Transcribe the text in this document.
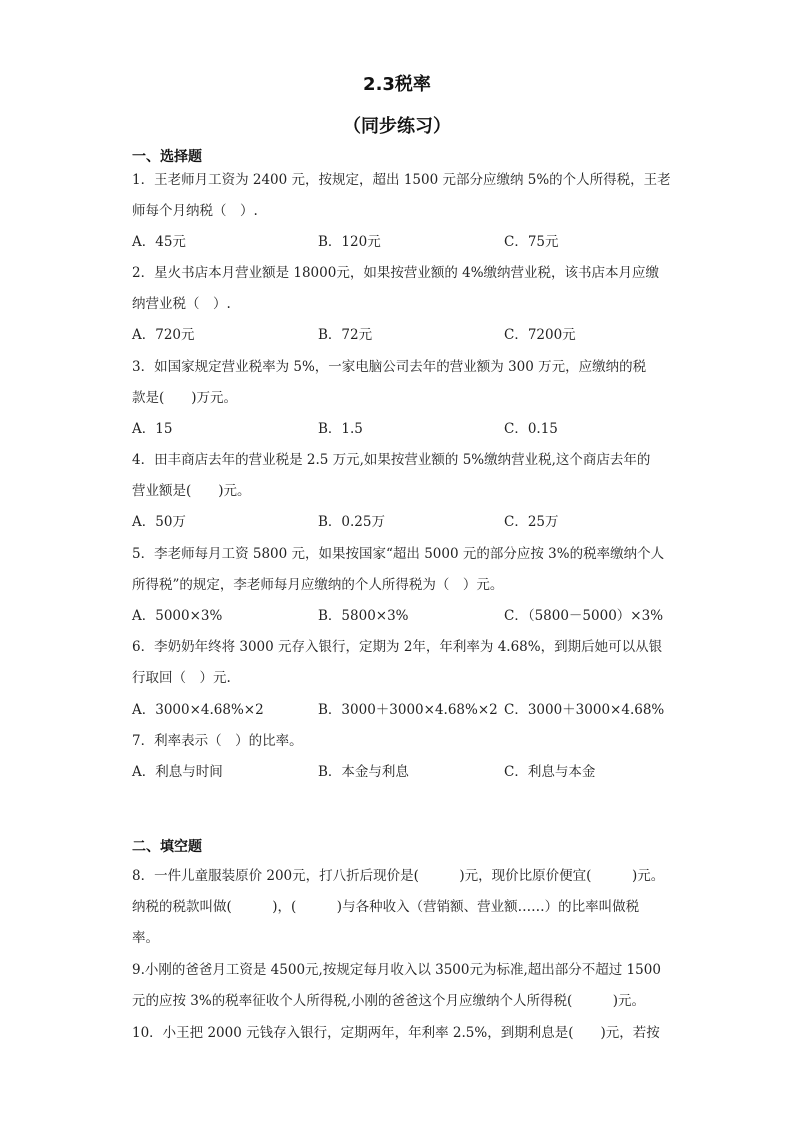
2.3税率
（同步练习）
一、选择题
1．王老师月工资为 2400 元，按规定，超出 1500 元部分应缴纳 5%的个人所得税，王老
师每个月纳税（　）.
A．45元	B．120元	C．75元
2．星火书店本月营业额是 18000元，如果按营业额的 4%缴纳营业税，该书店本月应缴
纳营业税（　）.
A．720元	B．72元	C．7200元
3．如国家规定营业税率为 5%，一家电脑公司去年的营业额为 300 万元，应缴纳的税
款是(　　)万元。
A．15	B．1.5	C．0.15
4．田丰商店去年的营业税是 2.5 万元,如果按营业额的 5%缴纳营业税,这个商店去年的
营业额是(　　)元。
A．50万	B．0.25万	C．25万
5．李老师每月工资 5800 元，如果按国家“超出 5000 元的部分应按 3%的税率缴纳个人
所得税”的规定，李老师每月应缴纳的个人所得税为（　）元。
A．5000×3%	B．5800×3%	C．（5800－5000）×3%
6．李奶奶年终将 3000 元存入银行，定期为 2年，年利率为 4.68%，到期后她可以从银
行取回（　）元.
A．3000×4.68%×2	B．3000＋3000×4.68%×2 C．3000＋3000×4.68%
7．利率表示（　）的比率。
A．利息与时间	B．本金与利息	C．利息与本金
二、填空题
8．一件儿童服装原价 200元，打八折后现价是(　　　)元，现价比原价便宜(　　　)元。
纳税的税款叫做(　　　)，(　　　)与各种收入（营销额、营业额……）的比率叫做税
率。
9.小刚的爸爸月工资是 4500元,按规定每月收入以 3500元为标准,超出部分不超过 1500
元的应按 3%的税率征收个人所得税,小刚的爸爸这个月应缴纳个人所得税(　　　)元。
10．小王把 2000 元钱存入银行，定期两年，年利率 2.5%，到期利息是(　　)元，若按
